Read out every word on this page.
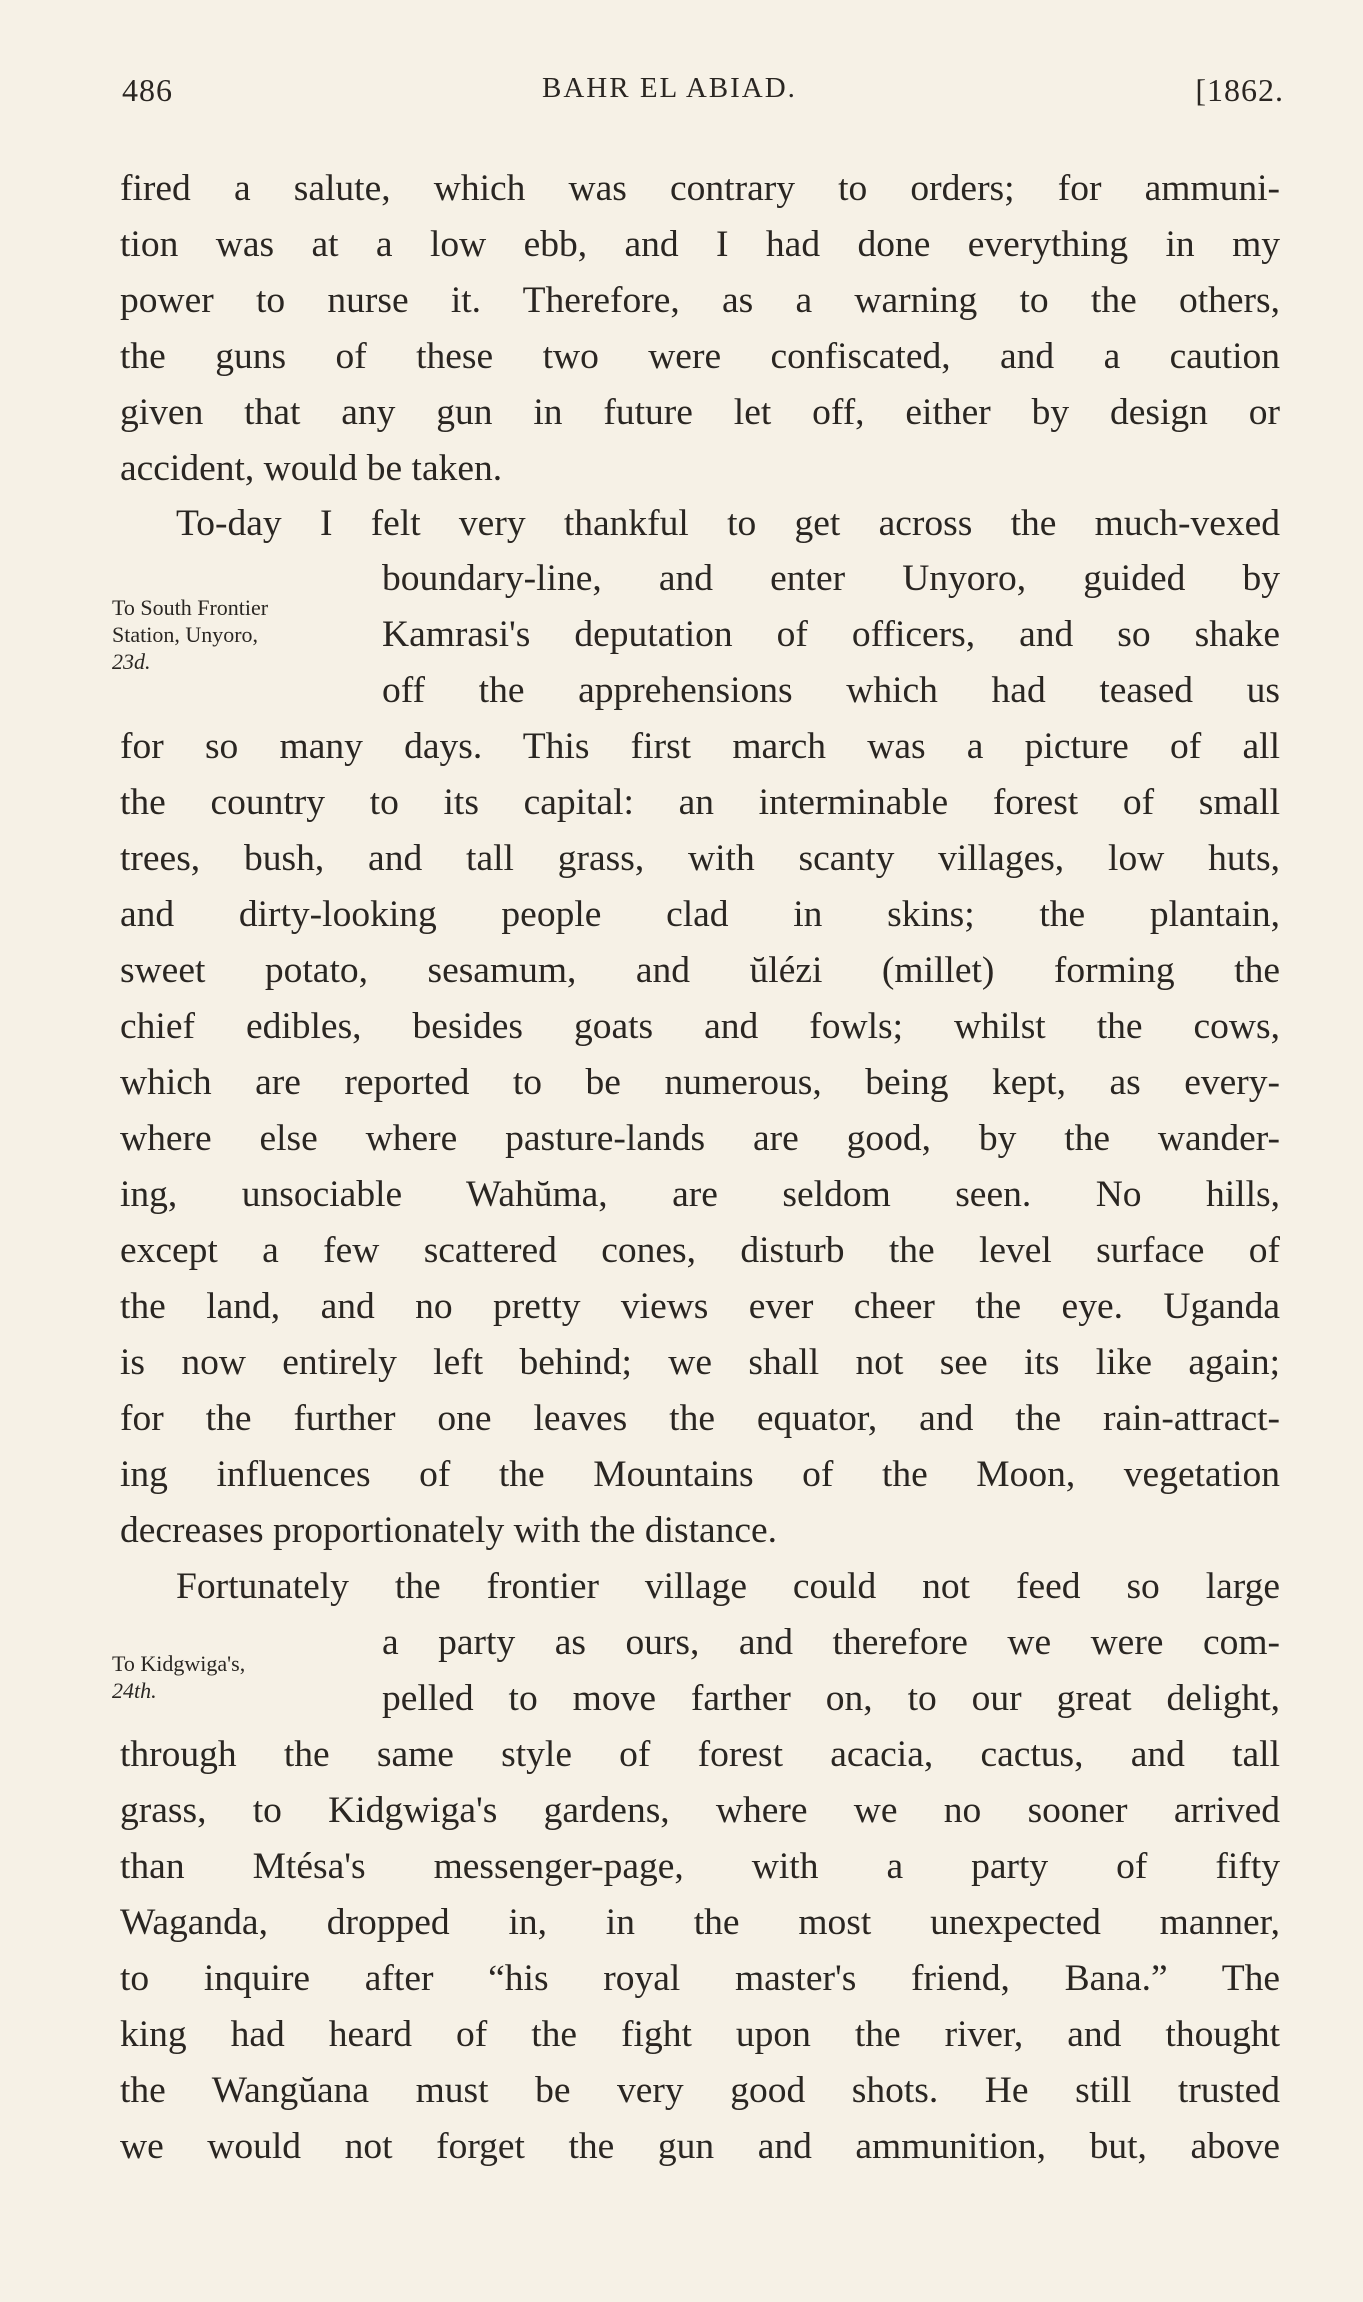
486	BAHR EL ABIAD.	[1862.
fired a salute, which was contrary to orders; for ammuni-
tion was at a low ebb, and I had done everything in my
power to nurse it. Therefore, as a warning to the others,
the guns of these two were confiscated, and a caution
given that any gun in future let off, either by design or
accident, would be taken.
To-day I felt very thankful to get across the much-vexed
boundary-line, and enter Unyoro, guided by
Kamrasi's deputation of officers, and so shake
off the apprehensions which had teased us
for so many days. This first march was a picture of all
the country to its capital: an interminable forest of small
trees, bush, and tall grass, with scanty villages, low huts,
and dirty-looking people clad in skins; the plantain,
sweet potato, sesamum, and ŭlézi (millet) forming the
chief edibles, besides goats and fowls; whilst the cows,
which are reported to be numerous, being kept, as every-
where else where pasture-lands are good, by the wander-
ing, unsociable Wahŭma, are seldom seen. No hills,
except a few scattered cones, disturb the level surface of
the land, and no pretty views ever cheer the eye. Uganda
is now entirely left behind; we shall not see its like again;
for the further one leaves the equator, and the rain-attract-
ing influences of the Mountains of the Moon, vegetation
decreases proportionately with the distance.
Fortunately the frontier village could not feed so large
a party as ours, and therefore we were com-
pelled to move farther on, to our great delight,
through the same style of forest acacia, cactus, and tall
grass, to Kidgwiga's gardens, where we no sooner arrived
than Mtésa's messenger-page, with a party of fifty
Waganda, dropped in, in the most unexpected manner,
to inquire after “his royal master's friend, Bana.” The
king had heard of the fight upon the river, and thought
the Wangŭana must be very good shots. He still trusted
we would not forget the gun and ammunition, but, above
To South Frontier
Station, Unyoro,
23d.
To Kidgwiga's,
24th.
